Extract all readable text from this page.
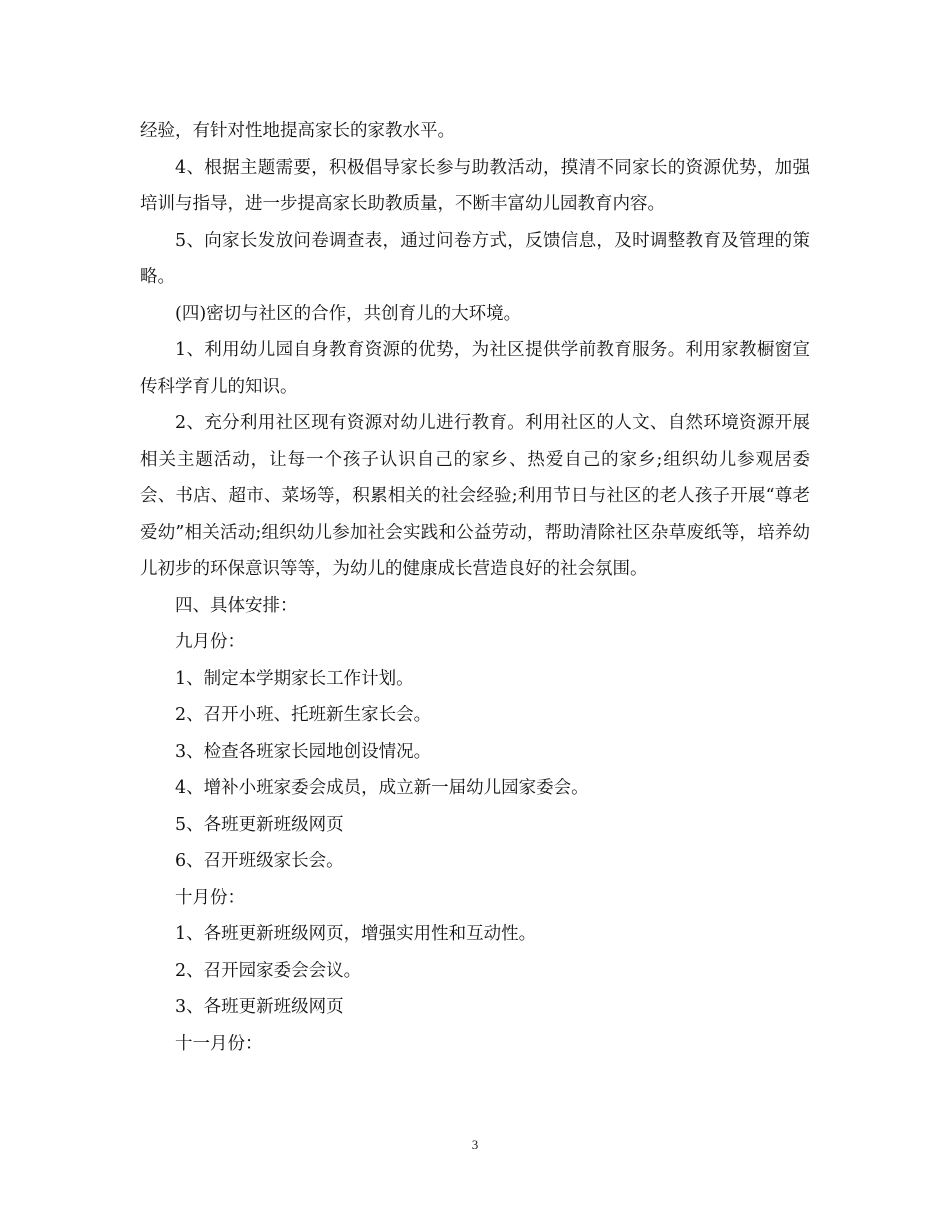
经验，有针对性地提高家长的家教水平。

4、根据主题需要，积极倡导家长参与助教活动，摸清不同家长的资源优势，加强培训与指导，进一步提高家长助教质量，不断丰富幼儿园教育内容。

5、向家长发放问卷调查表，通过问卷方式，反馈信息，及时调整教育及管理的策略。

(四)密切与社区的合作，共创育儿的大环境。

1、利用幼儿园自身教育资源的优势，为社区提供学前教育服务。利用家教橱窗宣传科学育儿的知识。

2、充分利用社区现有资源对幼儿进行教育。利用社区的人文、自然环境资源开展相关主题活动，让每一个孩子认识自己的家乡、热爱自己的家乡;组织幼儿参观居委会、书店、超市、菜场等，积累相关的社会经验;利用节日与社区的老人孩子开展“尊老爱幼”相关活动;组织幼儿参加社会实践和公益劳动，帮助清除社区杂草废纸等，培养幼儿初步的环保意识等等，为幼儿的健康成长营造良好的社会氛围。

四、具体安排：

九月份：

1、制定本学期家长工作计划。

2、召开小班、托班新生家长会。

3、检查各班家长园地创设情况。

4、增补小班家委会成员，成立新一届幼儿园家委会。

5、各班更新班级网页

6、召开班级家长会。

十月份：

1、各班更新班级网页，增强实用性和互动性。

2、召开园家委会会议。

3、各班更新班级网页

十一月份：

3
